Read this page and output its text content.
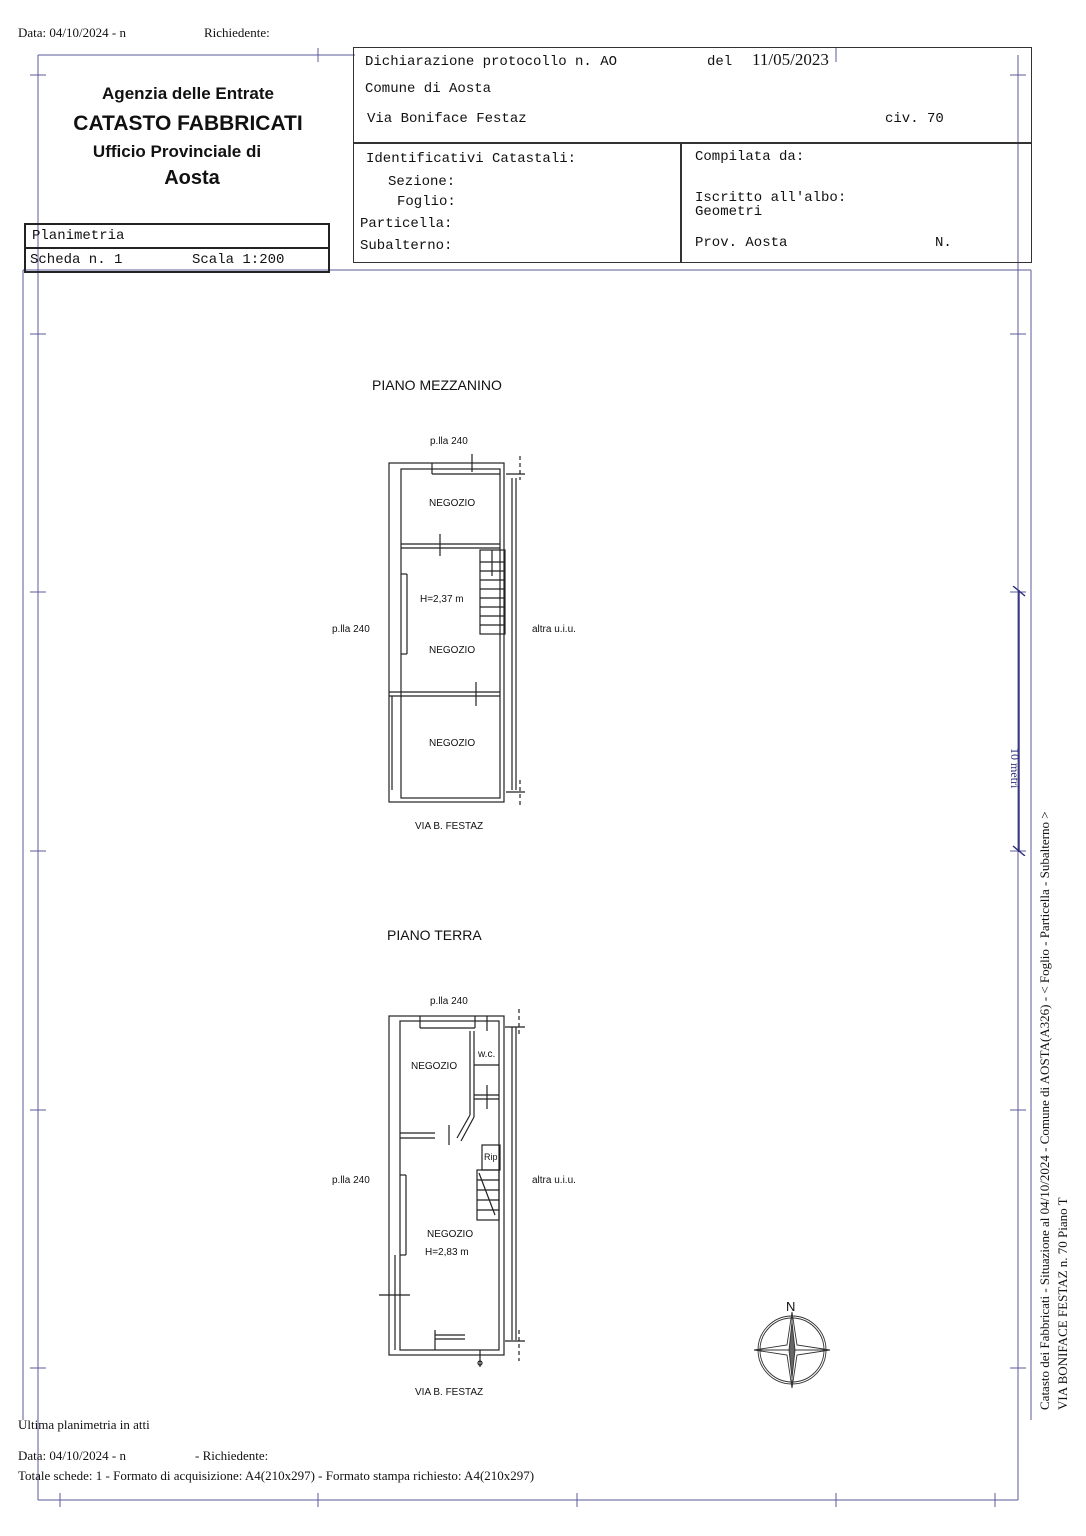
Data: 04/10/2024 - n	Richiedente:
Agenzia delle Entrate
CATASTO FABBRICATI
Ufficio Provinciale di
Aosta
Planimetria
Scheda n. 1	Scala 1:200
Dichiarazione protocollo n. AO	del 11/05/2023
Comune di Aosta
Via Boniface Festaz	civ. 70
Identificativi Catastali:
Sezione:
Foglio:
Particella:
Subalterno:
Compilata da:
Iscritto all'albo:
Geometri
Prov. Aosta	N.
PIANO MEZZANINO
p.lla 240
p.lla 240	altra u.i.u.
VIA B. FESTAZ
NEGOZIO
H=2,37 m
NEGOZIO
NEGOZIO
PIANO TERRA
p.lla 240
p.lla 240	altra u.i.u.
VIA B. FESTAZ
NEGOZIO
w.c.
Rip
NEGOZIO
H=2,83 m
N
10 metri
Catasto dei Fabbricati - Situazione al 04/10/2024 - Comune di AOSTA(A326) - < Foglio - Particella - Subalterno > VIA BONIFACE FESTAZ n. 70 Piano T
Ultima planimetria in atti
Data: 04/10/2024 - n	- Richiedente:
Totale schede: 1 - Formato di acquisizione: A4(210x297) - Formato stampa richiesto: A4(210x297)
